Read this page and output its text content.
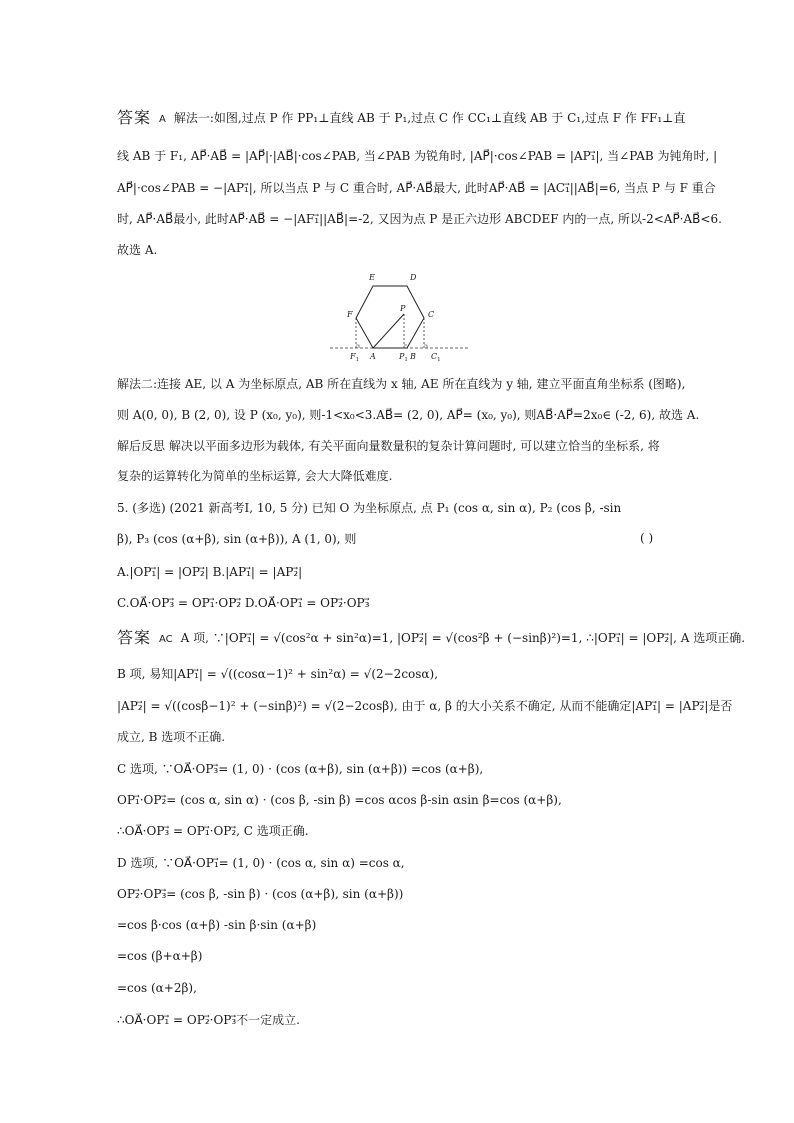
答案 A 解法一:如图,过点 P 作 PP₁⊥直线 AB 于 P₁,过点 C 作 CC₁⊥直线 AB 于 C₁,过点 F 作 FF₁⊥直
线 AB 于 F₁, AP⃗·AB⃗ = |AP⃗|·|AB⃗|·cos∠PAB, 当∠PAB 为锐角时, |AP⃗|·cos∠PAB = |AP₁⃗|, 当∠PAB 为钝角时, |
AP⃗|·cos∠PAB = −|AP₁⃗|, 所以当点 P 与 C 重合时, AP⃗·AB⃗最大, 此时AP⃗·AB⃗ = |AC₁⃗||AB⃗|=6, 当点 P 与 F 重合
时, AP⃗·AB⃗最小, 此时AP⃗·AB⃗ = −|AF₁⃗||AB⃗|=-2, 又因为点 P 是正六边形 ABCDEF 内的一点, 所以-2<AP⃗·AB⃗<6.
故选 A.
E	D
F
P
C
A	B
$F_1$	$P_1$	$C_1$
解法二:连接 AE, 以 A 为坐标原点, AB 所在直线为 x 轴, AE 所在直线为 y 轴, 建立平面直角坐标系 (图略),
则 A(0, 0), B (2, 0), 设 P (x₀, y₀), 则-1<x₀<3.AB⃗= (2, 0), AP⃗= (x₀, y₀), 则AB⃗·AP⃗=2x₀∈ (-2, 6), 故选 A.
解后反思 解决以平面多边形为载体, 有关平面向量数量积的复杂计算问题时, 可以建立恰当的坐标系, 将
复杂的运算转化为简单的坐标运算, 会大大降低难度.
5. (多选) (2021 新高考Ⅰ, 10, 5 分) 已知 O 为坐标原点, 点 P₁ (cos α, sin α), P₂ (cos β, -sin
β), P₃ (cos (α+β), sin (α+β)), A (1, 0), 则	( )
A.|OP₁⃗| = |OP₂⃗| B.|AP₁⃗| = |AP₂⃗|
C.OA⃗·OP₃⃗ = OP₁⃗·OP₂⃗ D.OA⃗·OP₁⃗ = OP₂⃗·OP₃⃗
答案 AC A 项, ∵|OP₁⃗| = √(cos²α + sin²α)=1, |OP₂⃗| = √(cos²β + (−sinβ)²)=1, ∴|OP₁⃗| = |OP₂⃗|, A 选项正确.
B 项, 易知|AP₁⃗| = √((cosα−1)² + sin²α) = √(2−2cosα),
|AP₂⃗| = √((cosβ−1)² + (−sinβ)²) = √(2−2cosβ), 由于 α, β 的大小关系不确定, 从而不能确定|AP₁⃗| = |AP₂⃗|是否
成立, B 选项不正确.
C 选项, ∵OA⃗·OP₃⃗= (1, 0) · (cos (α+β), sin (α+β)) =cos (α+β),
OP₁⃗·OP₂⃗= (cos α, sin α) · (cos β, -sin β) =cos αcos β-sin αsin β=cos (α+β),
∴OA⃗·OP₃⃗ = OP₁⃗·OP₂⃗, C 选项正确.
D 选项, ∵OA⃗·OP₁⃗= (1, 0) · (cos α, sin α) =cos α,
OP₂⃗·OP₃⃗= (cos β, -sin β) · (cos (α+β), sin (α+β))
=cos β·cos (α+β) -sin β·sin (α+β)
=cos (β+α+β)
=cos (α+2β),
∴OA⃗·OP₁⃗ = OP₂⃗·OP₃⃗不一定成立.
